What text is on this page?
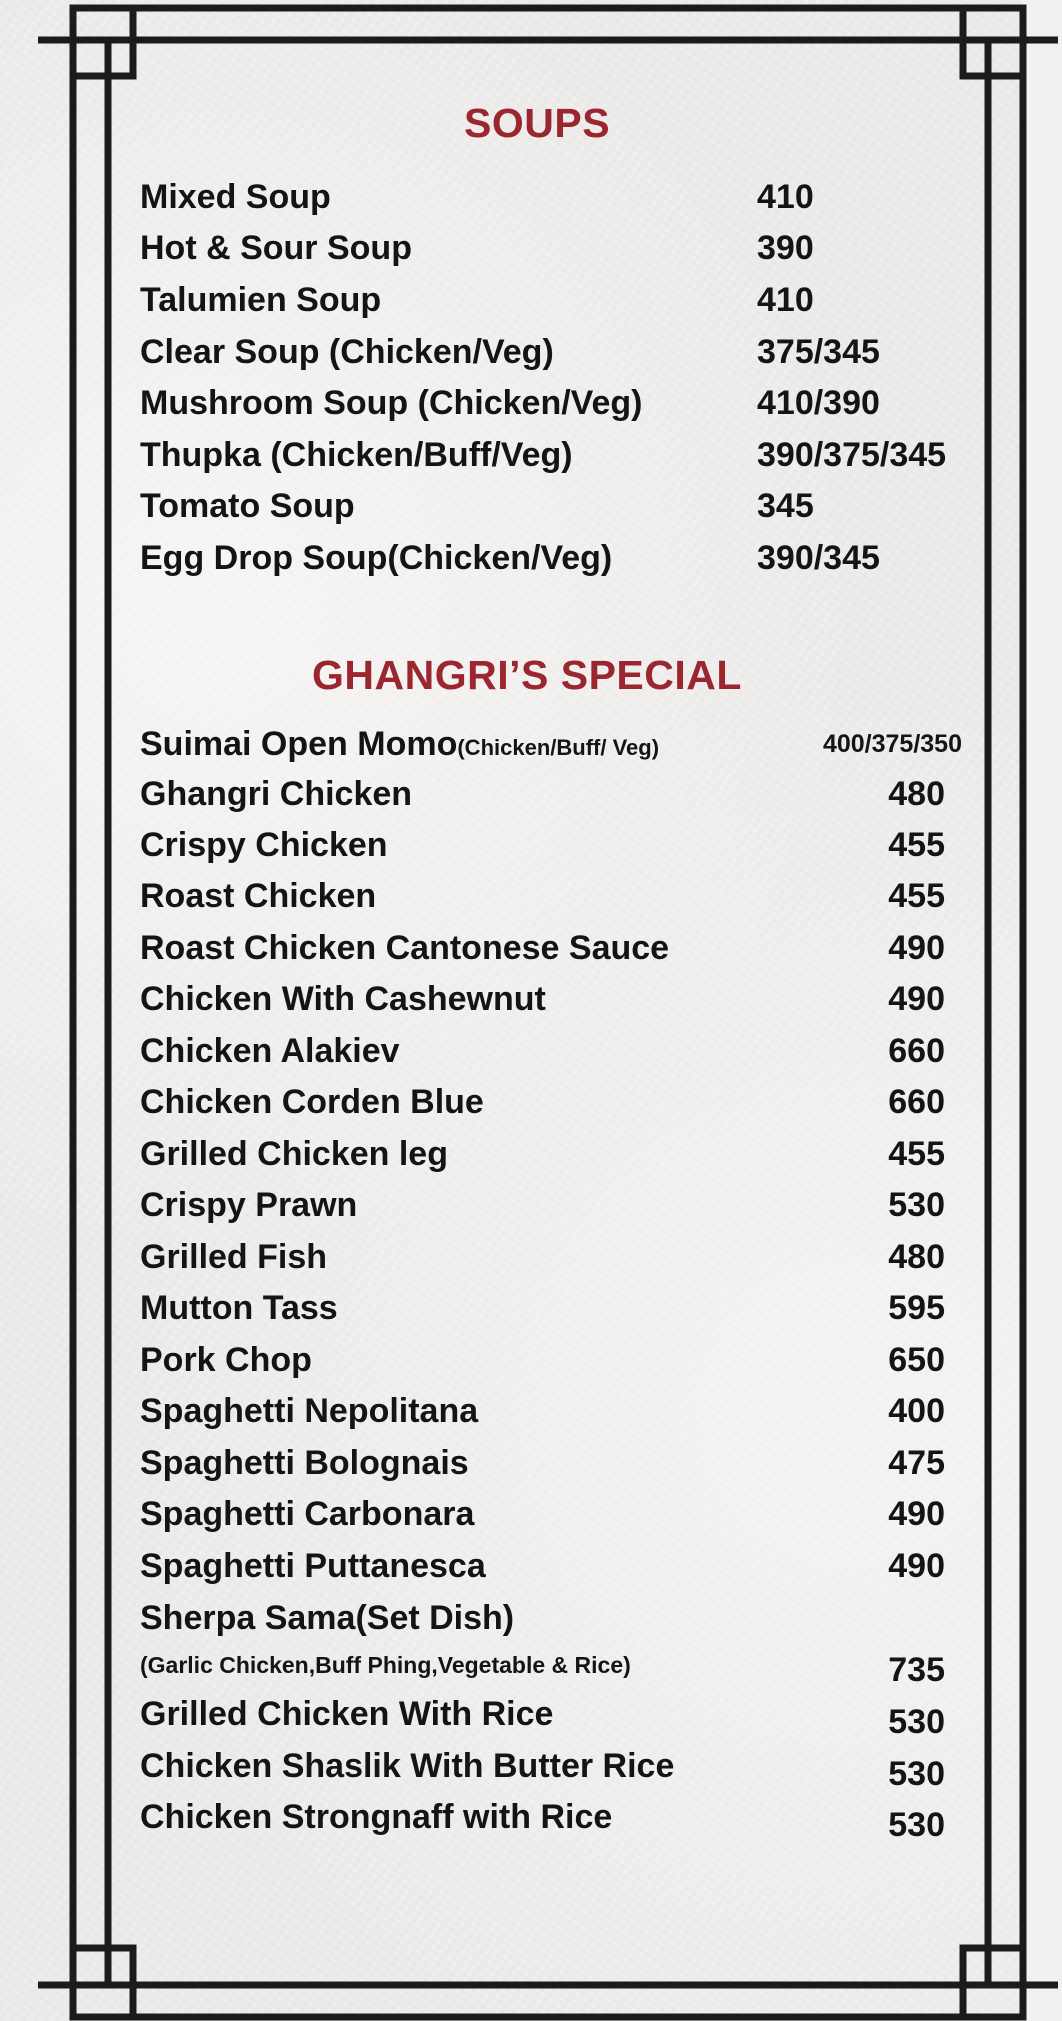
SOUPS
Mixed Soup	410
Hot & Sour Soup	390
Talumien Soup	410
Clear Soup (Chicken/Veg)	375/345
Mushroom Soup (Chicken/Veg)	410/390
Thupka (Chicken/Buff/Veg)	390/375/345
Tomato Soup	345
Egg Drop Soup(Chicken/Veg)	390/345
GHANGRI’S SPECIAL
Suimai Open Momo(Chicken/Buff/ Veg)	400/375/350
Ghangri Chicken	480
Crispy Chicken	455
Roast Chicken	455
Roast Chicken Cantonese Sauce	490
Chicken With Cashewnut	490
Chicken Alakiev	660
Chicken Corden Blue	660
Grilled Chicken leg	455
Crispy Prawn	530
Grilled Fish	480
Mutton Tass	595
Pork Chop	650
Spaghetti Nepolitana	400
Spaghetti Bolognais	475
Spaghetti Carbonara	490
Spaghetti Puttanesca	490
Sherpa Sama(Set Dish)
(Garlic Chicken,Buff Phing,Vegetable & Rice)	735
Grilled Chicken With Rice	530
Chicken Shaslik With Butter Rice	530
Chicken Strongnaff with Rice	530
